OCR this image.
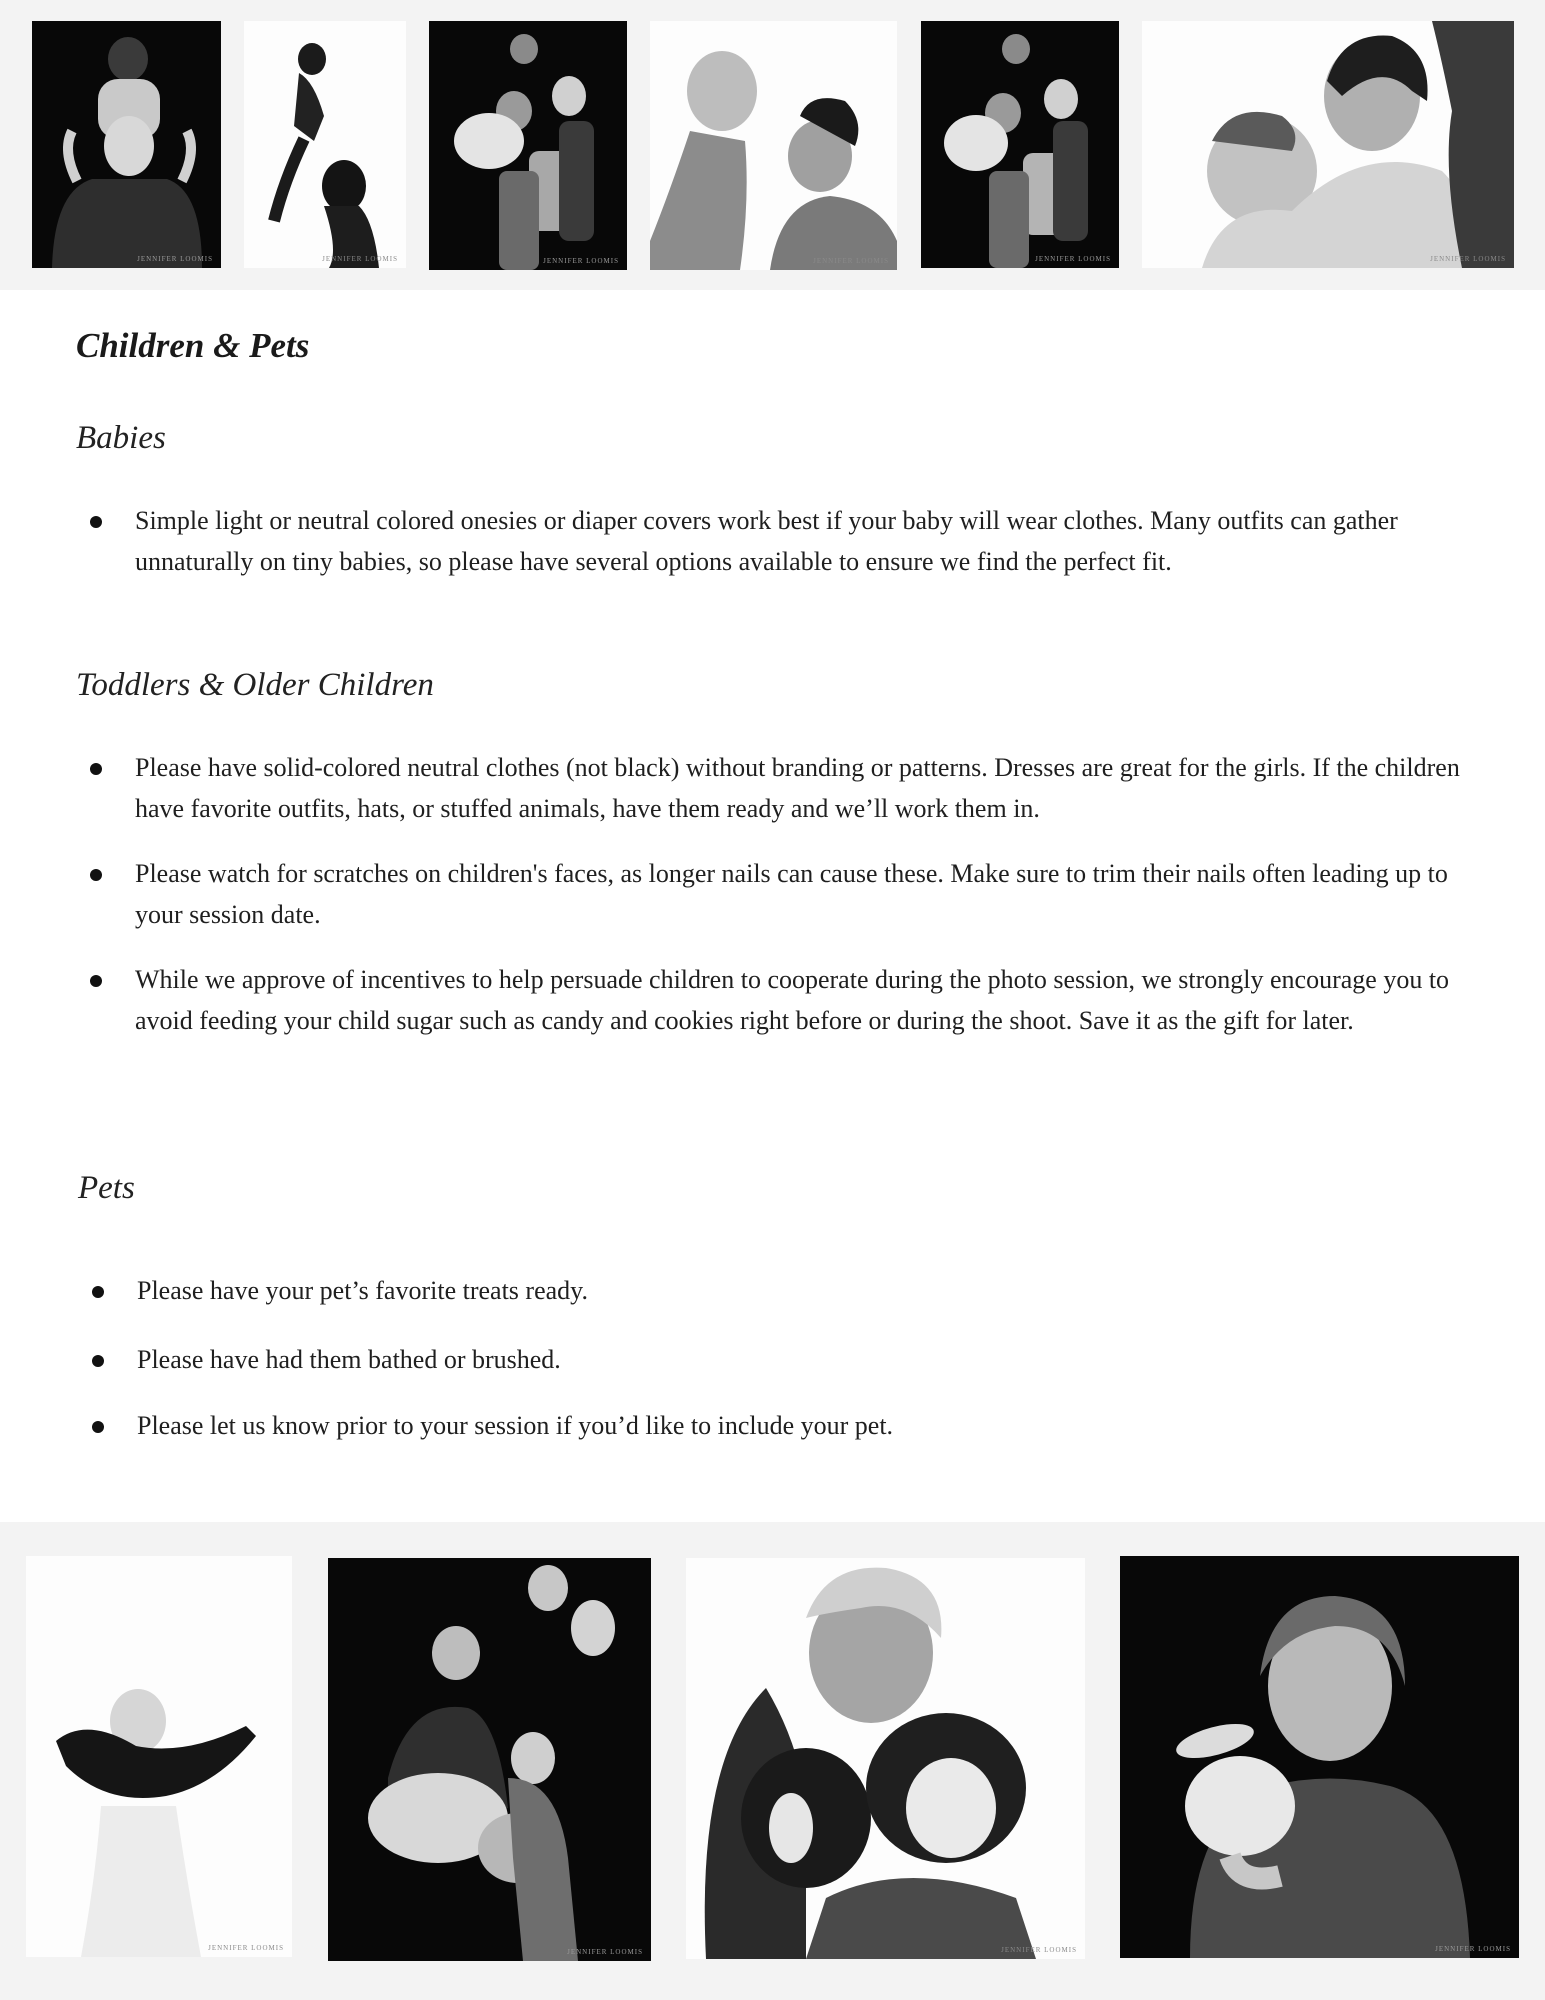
JENNIFER LOOMIS	JENNIFER LOOMIS	JENNIFER LOOMIS	JENNIFER LOOMIS	JENNIFER LOOMIS	JENNIFER LOOMIS
Children & Pets
Babies
Simple light or neutral colored onesies or diaper covers work best if your baby will wear clothes. Many outfits can gather unnaturally on tiny babies, so please have several options available to ensure we find the perfect fit.
Toddlers & Older Children
Please have solid-colored neutral clothes (not black) without branding or patterns. Dresses are great for the girls. If the children have favorite outfits, hats, or stuffed animals, have them ready and we’ll work them in.
Please watch for scratches on children's faces, as longer nails can cause these. Make sure to trim their nails often leading up to your session date.
While we approve of incentives to help persuade children to cooperate during the photo session, we strongly encourage you to avoid feeding your child sugar such as candy and cookies right before or during the shoot. Save it as the gift for later.
Pets
Please have your pet’s favorite treats ready.
Please have had them bathed or brushed.
Please let us know prior to your session if you’d like to include your pet.
JENNIFER LOOMIS	JENNIFER LOOMIS	JENNIFER LOOMIS	JENNIFER LOOMIS
